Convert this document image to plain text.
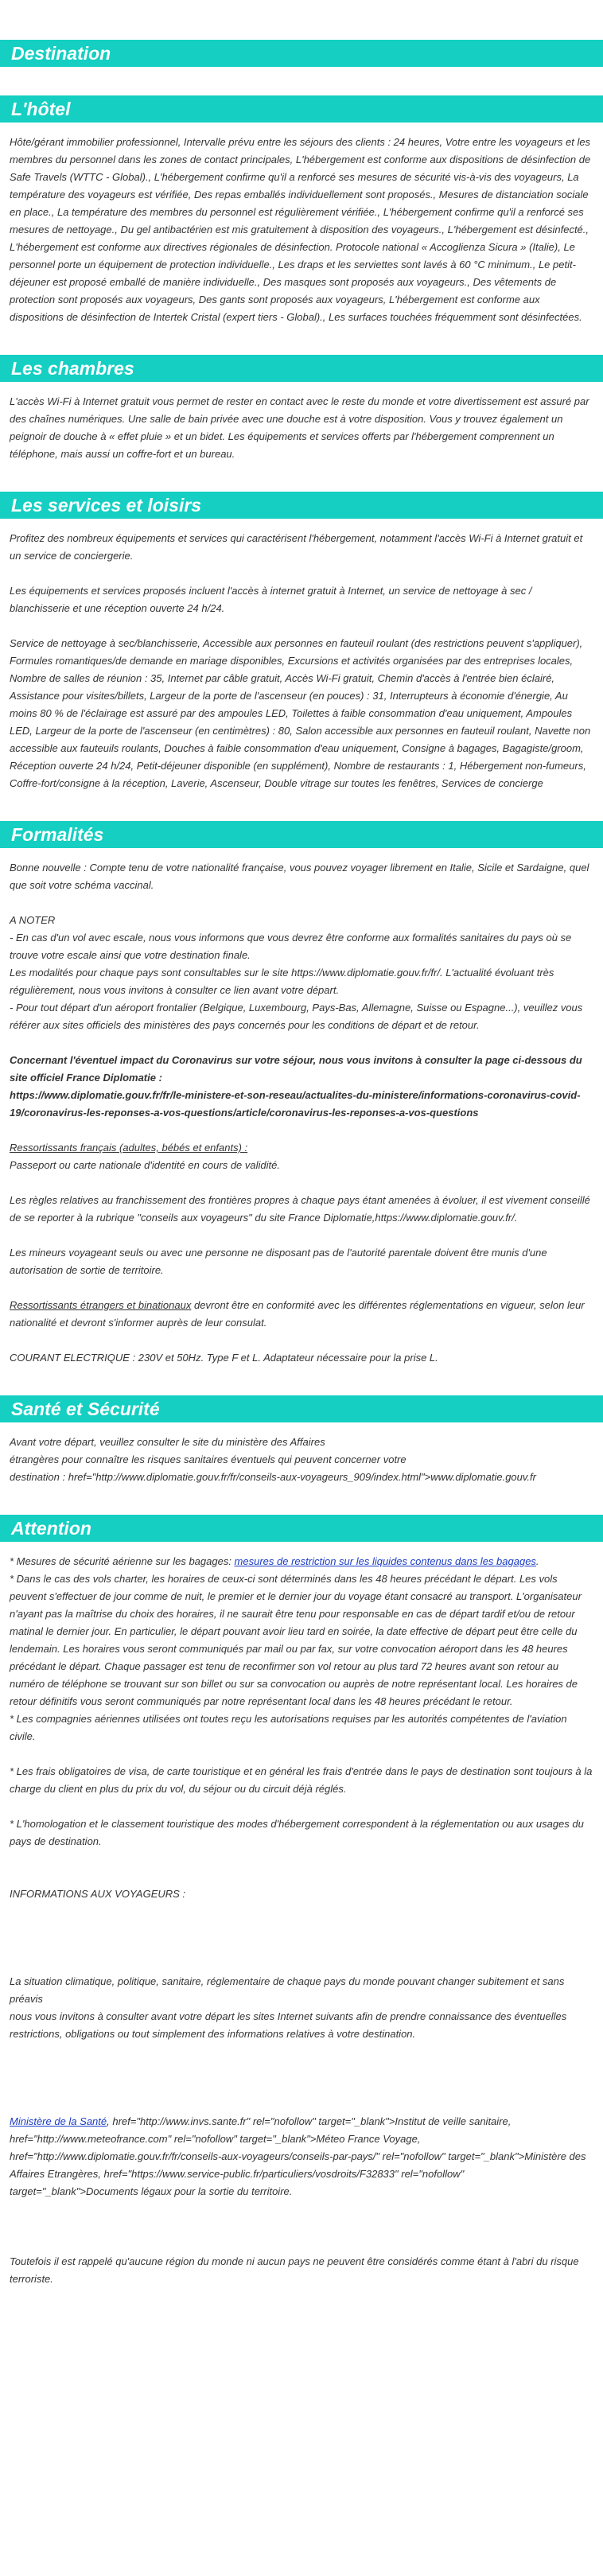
Destination
L'hôtel

Hôte/gérant immobilier professionnel, Intervalle prévu entre les séjours des clients : 24 heures, Votre entre les voyageurs et les membres du personnel dans les zones de contact principales, L'hébergement est conforme aux dispositions de désinfection de Safe Travels (WTTC - Global)., L'hébergement confirme qu'il a renforcé ses mesures de sécurité vis-à-vis des voyageurs, La température des voyageurs est vérifiée, Des repas emballés individuellement sont proposés., Mesures de distanciation sociale en place., La température des membres du personnel est régulièrement vérifiée., L'hébergement confirme qu'il a renforcé ses mesures de nettoyage., Du gel antibactérien est mis gratuitement à disposition des voyageurs., L'hébergement est désinfecté., L'hébergement est conforme aux directives régionales de désinfection. Protocole national « Accoglienza Sicura » (Italie), Le personnel porte un équipement de protection individuelle., Les draps et les serviettes sont lavés à 60 °C minimum., Le petit-déjeuner est proposé emballé de manière individuelle., Des masques sont proposés aux voyageurs., Des vêtements de protection sont proposés aux voyageurs, Des gants sont proposés aux voyageurs, L'hébergement est conforme aux dispositions de désinfection de Intertek Cristal (expert tiers - Global)., Les surfaces touchées fréquemment sont désinfectées.

Les chambres

L'accès Wi-Fi à Internet gratuit vous permet de rester en contact avec le reste du monde et votre divertissement est assuré par des chaînes numériques. Une salle de bain privée avec une douche est à votre disposition. Vous y trouvez également un peignoir de douche à « effet pluie » et un bidet. Les équipements et services offerts par l'hébergement comprennent un téléphone, mais aussi un coffre-fort et un bureau.

Les services et loisirs

Profitez des nombreux équipements et services qui caractérisent l'hébergement, notamment l'accès Wi-Fi à Internet gratuit et un service de conciergerie.

Les équipements et services proposés incluent l'accès à internet gratuit à Internet, un service de nettoyage à sec / blanchisserie et une réception ouverte 24 h/24.

Service de nettoyage à sec/blanchisserie, Accessible aux personnes en fauteuil roulant (des restrictions peuvent s'appliquer), Formules romantiques/de demande en mariage disponibles, Excursions et activités organisées par des entreprises locales, Nombre de salles de réunion : 35, Internet par câble gratuit, Accès Wi-Fi gratuit, Chemin d'accès à l'entrée bien éclairé, Assistance pour visites/billets, Largeur de la porte de l'ascenseur (en pouces) : 31, Interrupteurs à économie d'énergie, Au moins 80 % de l'éclairage est assuré par des ampoules LED, Toilettes à faible consommation d'eau uniquement, Ampoules LED, Largeur de la porte de l'ascenseur (en centimètres) : 80, Salon accessible aux personnes en fauteuil roulant, Navette non accessible aux fauteuils roulants, Douches à faible consommation d'eau uniquement, Consigne à bagages, Bagagiste/groom, Réception ouverte 24 h/24, Petit-déjeuner disponible (en supplément), Nombre de restaurants : 1, Hébergement non-fumeurs, Coffre-fort/consigne à la réception, Laverie, Ascenseur, Double vitrage sur toutes les fenêtres, Services de concierge

Formalités

Bonne nouvelle : Compte tenu de votre nationalité française, vous pouvez voyager librement en Italie, Sicile et Sardaigne, quel que soit votre schéma vaccinal.

A NOTER
- En cas d'un vol avec escale, nous vous informons que vous devrez être conforme aux formalités sanitaires du pays où se trouve votre escale ainsi que votre destination finale.
Les modalités pour chaque pays sont consultables sur le site https://www.diplomatie.gouv.fr/fr/. L'actualité évoluant très régulièrement, nous vous invitons à consulter ce lien avant votre départ.
- Pour tout départ d'un aéroport frontalier (Belgique, Luxembourg, Pays-Bas, Allemagne, Suisse ou Espagne...), veuillez vous référer aux sites officiels des ministères des pays concernés pour les conditions de départ et de retour.

Concernant l'éventuel impact du Coronavirus sur votre séjour, nous vous invitons à consulter la page ci-dessous du site officiel France Diplomatie :
https://www.diplomatie.gouv.fr/fr/le-ministere-et-son-reseau/actualites-du-ministere/informations-coronavirus-covid-19/coronavirus-les-reponses-a-vos-questions/article/coronavirus-les-reponses-a-vos-questions

Ressortissants français (adultes, bébés et enfants) :
Passeport ou carte nationale d'identité en cours de validité.

Les règles relatives au franchissement des frontières propres à chaque pays étant amenées à évoluer, il est vivement conseillé de se reporter à la rubrique "conseils aux voyageurs" du site France Diplomatie,https://www.diplomatie.gouv.fr/.

Les mineurs voyageant seuls ou avec une personne ne disposant pas de l'autorité parentale doivent être munis d'une autorisation de sortie de territoire.

Ressortissants étrangers et binationaux devront être en conformité avec les différentes réglementations en vigueur, selon leur nationalité et devront s'informer auprès de leur consulat.

COURANT ELECTRIQUE : 230V et 50Hz. Type F et L. Adaptateur nécessaire pour la prise L.

Santé et Sécurité

Avant votre départ, veuillez consulter le site du ministère des Affaires
étrangères pour connaître les risques sanitaires éventuels qui peuvent concerner votre
destination : href="http://www.diplomatie.gouv.fr/fr/conseils-aux-voyageurs_909/index.html">www.diplomatie.gouv.fr

Attention

* Mesures de sécurité aérienne sur les bagages: mesures de restriction sur les liquides contenus dans les bagages.

* Dans le cas des vols charter, les horaires de ceux-ci sont déterminés dans les 48 heures précédant le départ. Les vols peuvent s'effectuer de jour comme de nuit, le premier et le dernier jour du voyage étant consacré au transport. L'organisateur n'ayant pas la maîtrise du choix des horaires, il ne saurait être tenu pour responsable en cas de départ tardif et/ou de retour matinal le dernier jour. En particulier, le départ pouvant avoir lieu tard en soirée, la date effective de départ peut être celle du lendemain. Les horaires vous seront communiqués par mail ou par fax, sur votre convocation aéroport dans les 48 heures précédant le départ. Chaque passager est tenu de reconfirmer son vol retour au plus tard 72 heures avant son retour au numéro de téléphone se trouvant sur son billet ou sur sa convocation ou auprès de notre représentant local. Les horaires de retour définitifs vous seront communiqués par notre représentant local dans les 48 heures précédant le retour.
* Les compagnies aériennes utilisées ont toutes reçu les autorisations requises par les autorités compétentes de l'aviation civile.

* Les frais obligatoires de visa, de carte touristique et en général les frais d'entrée dans le pays de destination sont toujours à la charge du client en plus du prix du vol, du séjour ou du circuit déjà réglés.

* L'homologation et le classement touristique des modes d'hébergement correspondent à la réglementation ou aux usages du pays de destination.

INFORMATIONS AUX VOYAGEURS :

La situation climatique, politique, sanitaire, réglementaire de chaque pays du monde pouvant changer subitement et sans préavis
nous vous invitons à consulter avant votre départ les sites Internet suivants afin de prendre connaissance des éventuelles restrictions, obligations ou tout simplement des informations relatives à votre destination.

Ministère de la Santé, href="http://www.invs.sante.fr" rel="nofollow" target="_blank">Institut de veille sanitaire, href="http://www.meteofrance.com" rel="nofollow" target="_blank">Méteo France Voyage, href="http://www.diplomatie.gouv.fr/fr/conseils-aux-voyageurs/conseils-par-pays/" rel="nofollow" target="_blank">Ministère des Affaires Etrangères, href="https://www.service-public.fr/particuliers/vosdroits/F32833" rel="nofollow" target="_blank">Documents légaux pour la sortie du territoire.

Toutefois il est rappelé qu'aucune région du monde ni aucun pays ne peuvent être considérés comme étant à l'abri du risque terroriste.
